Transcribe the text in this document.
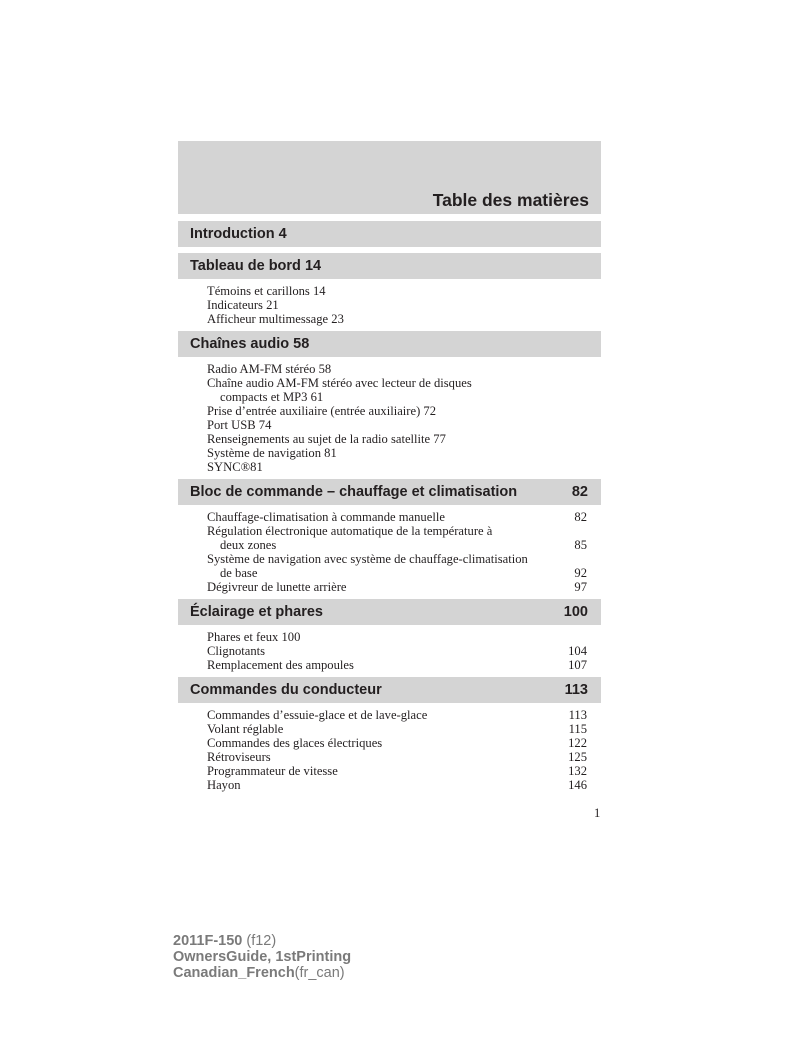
Table des matières
Introduction 4
Tableau de bord 14
Témoins et carillons 14
Indicateurs 21
Afficheur multimessage 23
Chaînes audio 58
Radio AM-FM stéréo 58
Chaîne audio AM-FM stéréo avec lecteur de disques
compacts et MP3 61
Prise d’entrée auxiliaire (entrée auxiliaire) 72
Port USB 74
Renseignements au sujet de la radio satellite 77
Système de navigation 81
SYNC®81
Bloc de commande – chauffage et climatisation	82
Chauffage-climatisation à commande manuelle	82
Régulation électronique automatique de la température à
deux zones	85
Système de navigation avec système de chauffage-climatisation
de base	92
Dégivreur de lunette arrière	97
Éclairage et phares	100
Phares et feux 100
Clignotants	104
Remplacement des ampoules	107
Commandes du conducteur	113
Commandes d’essuie-glace et de lave-glace	113
Volant réglable	115
Commandes des glaces électriques	122
Rétroviseurs	125
Programmateur de vitesse	132
Hayon	146
1
2011F-150 (f12)
OwnersGuide, 1stPrinting
Canadian_French(fr_can)
